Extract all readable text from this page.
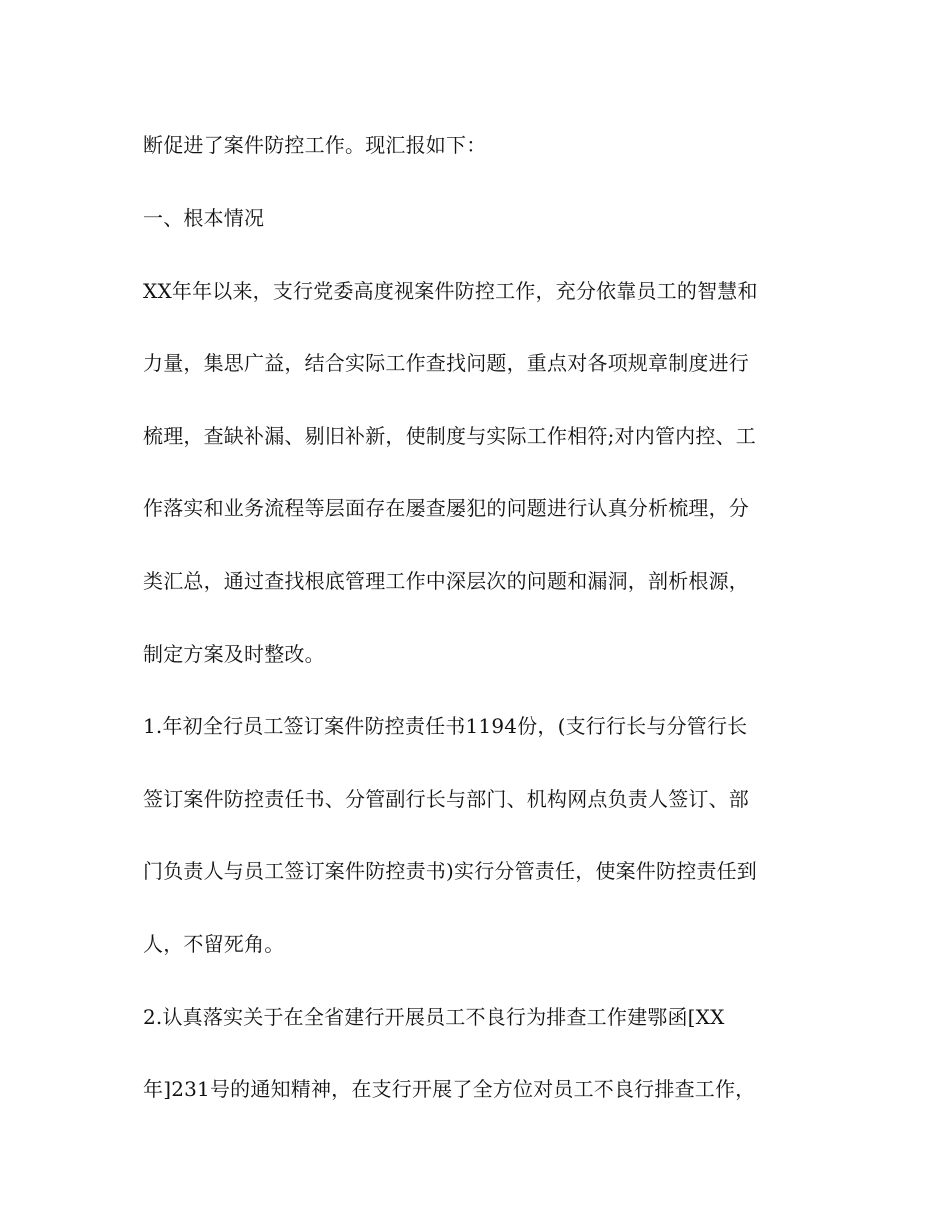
断促进了案件防控工作。现汇报如下：

一、根本情况

XX年年以来，支行党委高度视案件防控工作，充分依靠员工的智慧和

力量，集思广益，结合实际工作查找问题，重点对各项规章制度进行

梳理，查缺补漏、剔旧补新，使制度与实际工作相符;对内管内控、工

作落实和业务流程等层面存在屡查屡犯的问题进行认真分析梳理，分

类汇总，通过查找根底管理工作中深层次的问题和漏洞，剖析根源，

制定方案及时整改。

1.年初全行员工签订案件防控责任书1194份，(支行行长与分管行长

签订案件防控责任书、分管副行长与部门、机构网点负责人签订、部

门负责人与员工签订案件防控责书)实行分管责任，使案件防控责任到

人，不留死角。

2.认真落实关于在全省建行开展员工不良行为排查工作建鄂函[XX

年]231号的通知精神，在支行开展了全方位对员工不良行排查工作，
